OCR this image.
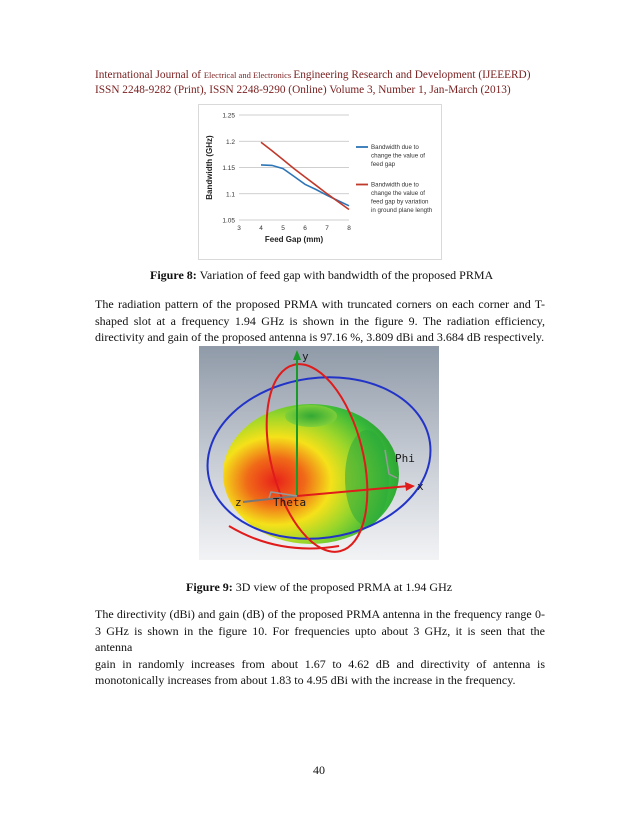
International Journal of Electrical and Electronics Engineering Research and Development (IJEEERD)
ISSN 2248-9282 (Print), ISSN 2248-9290 (Online) Volume 3, Number 1, Jan-March (2013)
1.05
1.1
1.15
1.2
1.25
3	4	5	6	7	8
Feed Gap (mm)
Bandwidth (GHz)	Bandwidth due to
change the value of
feed gap
Bandwidth due to
change the value of
feed gap by variation
in ground plane length
Figure 8: Variation of feed gap with bandwidth of the proposed PRMA
The radiation pattern of the proposed PRMA with truncated corners on each corner and T-
shaped slot at a frequency 1.94 GHz is shown in the figure 9. The radiation efficiency,
directivity and gain of the proposed antenna is 97.16 %, 3.809 dBi and 3.684 dB respectively.
y
x
z
Phi
Theta
Figure 9: 3D view of the proposed PRMA at 1.94 GHz
The directivity (dBi) and gain (dB) of the proposed PRMA antenna in the frequency range 0-
3 GHz is shown in the figure 10. For frequencies upto about 3 GHz, it is seen that the antenna
gain in randomly increases from about 1.67 to 4.62 dB and directivity of antenna is
monotonically increases from about 1.83 to 4.95 dBi with the increase in the frequency.
40
